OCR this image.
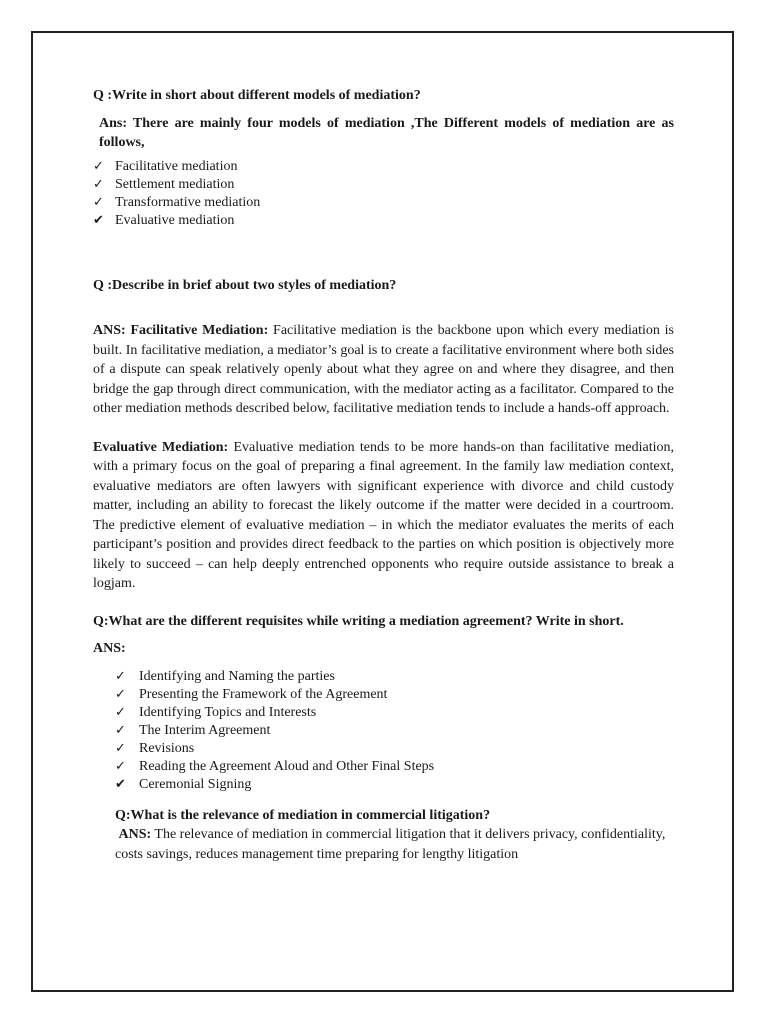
Q :Write in short about different models of mediation?

Ans: There are mainly four models of mediation ,The Different models of mediation are as follows,

✓ Facilitative mediation
✓ Settlement mediation
✓ Transformative mediation
✔ Evaluative mediation

Q :Describe in brief about two styles of mediation?

ANS: Facilitative Mediation: Facilitative mediation is the backbone upon which every mediation is built. In facilitative mediation, a mediator’s goal is to create a facilitative environment where both sides of a dispute can speak relatively openly about what they agree on and where they disagree, and then bridge the gap through direct communication, with the mediator acting as a facilitator. Compared to the other mediation methods described below, facilitative mediation tends to include a hands-off approach.

Evaluative Mediation: Evaluative mediation tends to be more hands-on than facilitative mediation, with a primary focus on the goal of preparing a final agreement. In the family law mediation context, evaluative mediators are often lawyers with significant experience with divorce and child custody matter, including an ability to forecast the likely outcome if the matter were decided in a courtroom. The predictive element of evaluative mediation – in which the mediator evaluates the merits of each participant’s position and provides direct feedback to the parties on which position is objectively more likely to succeed – can help deeply entrenched opponents who require outside assistance to break a logjam.

Q:What are the different requisites while writing a mediation agreement? Write in short.

ANS:

✓ Identifying and Naming the parties
✓ Presenting the Framework of the Agreement
✓ Identifying Topics and Interests
✓ The Interim Agreement
✓ Revisions
✓ Reading the Agreement Aloud and Other Final Steps
✔ Ceremonial Signing

Q:What is the relevance of mediation in commercial litigation?

ANS: The relevance of mediation in commercial litigation that it delivers privacy, confidentiality, costs savings, reduces management time preparing for lengthy litigation
